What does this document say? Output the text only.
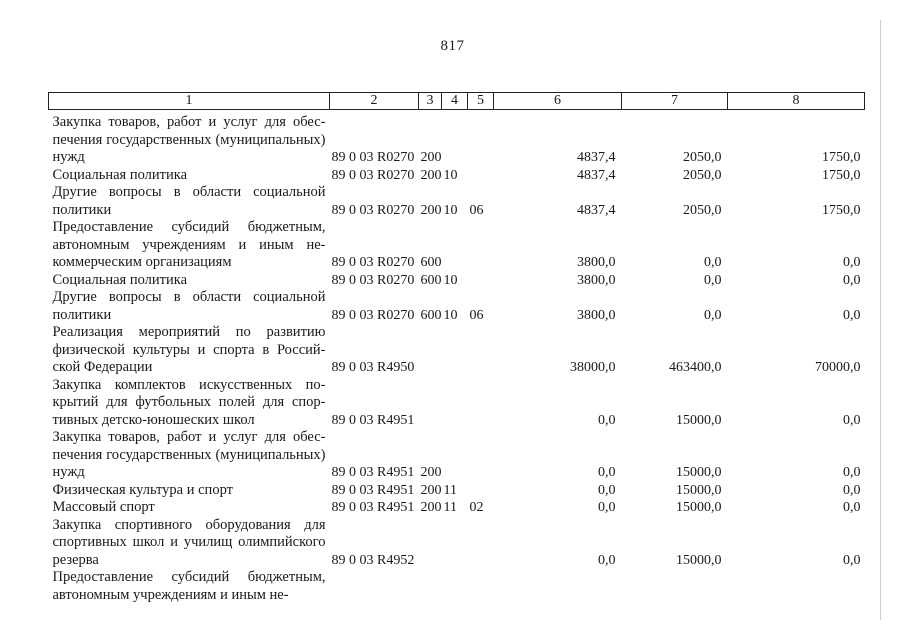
817
1	2	3	4	5	6	7	8
Закупка товаров, работ и услуг для обеспечения государственных (муниципальных) нужд	89 0 03 R0270	200			4837,4	2050,0	1750,0
Социальная политика	89 0 03 R0270	200	10		4837,4	2050,0	1750,0
Другие вопросы в области социальной политики	89 0 03 R0270	200	10	06	4837,4	2050,0	1750,0
Предоставление субсидий бюджетным, автономным учреждениям и иным некоммерческим организациям	89 0 03 R0270	600			3800,0	0,0	0,0
Социальная политика	89 0 03 R0270	600	10		3800,0	0,0	0,0
Другие вопросы в области социальной политики	89 0 03 R0270	600	10	06	3800,0	0,0	0,0
Реализация мероприятий по развитию физической культуры и спорта в Российской Федерации	89 0 03 R4950				38000,0	463400,0	70000,0
Закупка комплектов искусственных покрытий для футбольных полей для спортивных детско-юношеских школ	89 0 03 R4951				0,0	15000,0	0,0
Закупка товаров, работ и услуг для обеспечения государственных (муниципальных) нужд	89 0 03 R4951	200			0,0	15000,0	0,0
Физическая культура и спорт	89 0 03 R4951	200	11		0,0	15000,0	0,0
Массовый спорт	89 0 03 R4951	200	11	02	0,0	15000,0	0,0
Закупка спортивного оборудования для спортивных школ и училищ олимпийского резерва	89 0 03 R4952				0,0	15000,0	0,0
Предоставление субсидий бюджетным, автономным учреждениям и иным не-							
